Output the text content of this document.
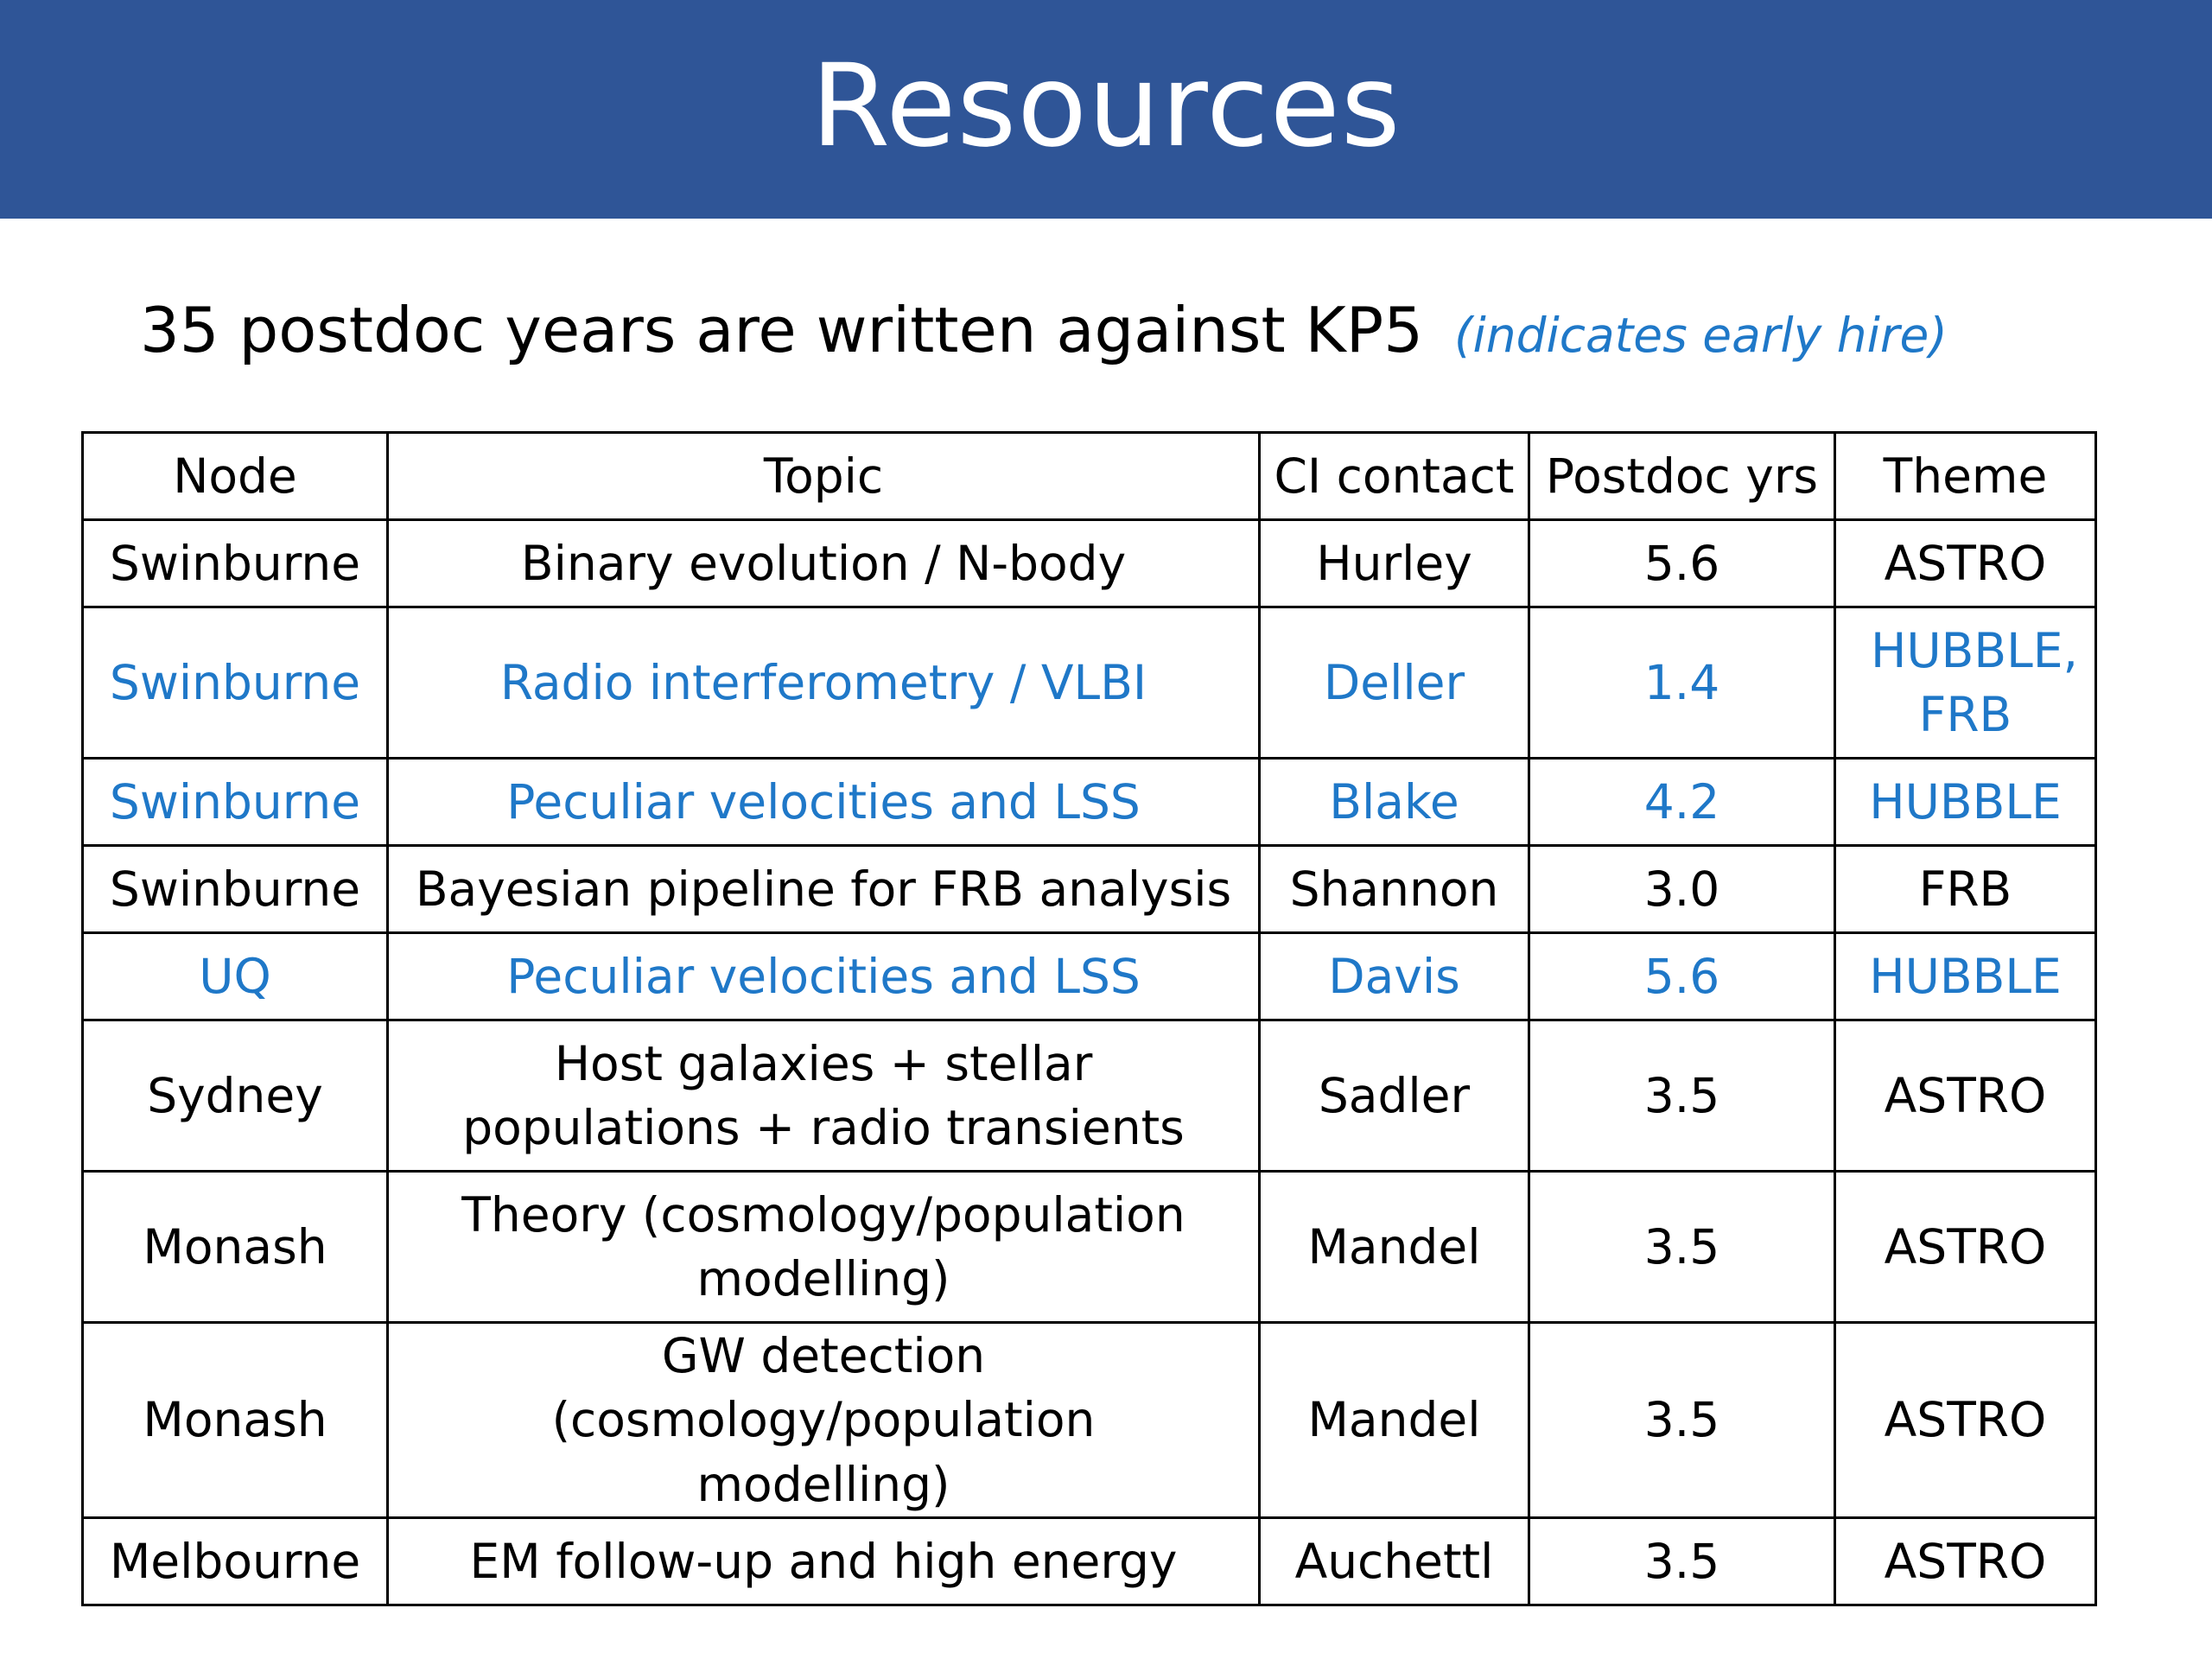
Resources
35 postdoc years are written against KP5 (indicates early hire)
Node	Topic	CI contact	Postdoc yrs	Theme
Swinburne	Binary evolution / N-body	Hurley	5.6	ASTRO
Swinburne	Radio interferometry / VLBI	Deller	1.4	HUBBLE, FRB
Swinburne	Peculiar velocities and LSS	Blake	4.2	HUBBLE
Swinburne	Bayesian pipeline for FRB analysis	Shannon	3.0	FRB
UQ	Peculiar velocities and LSS	Davis	5.6	HUBBLE
Sydney	Host galaxies + stellar populations + radio transients	Sadler	3.5	ASTRO
Monash	Theory (cosmology/population modelling)	Mandel	3.5	ASTRO
Monash	GW detection (cosmology/population modelling)	Mandel	3.5	ASTRO
Melbourne	EM follow-up and high energy	Auchettl	3.5	ASTRO
